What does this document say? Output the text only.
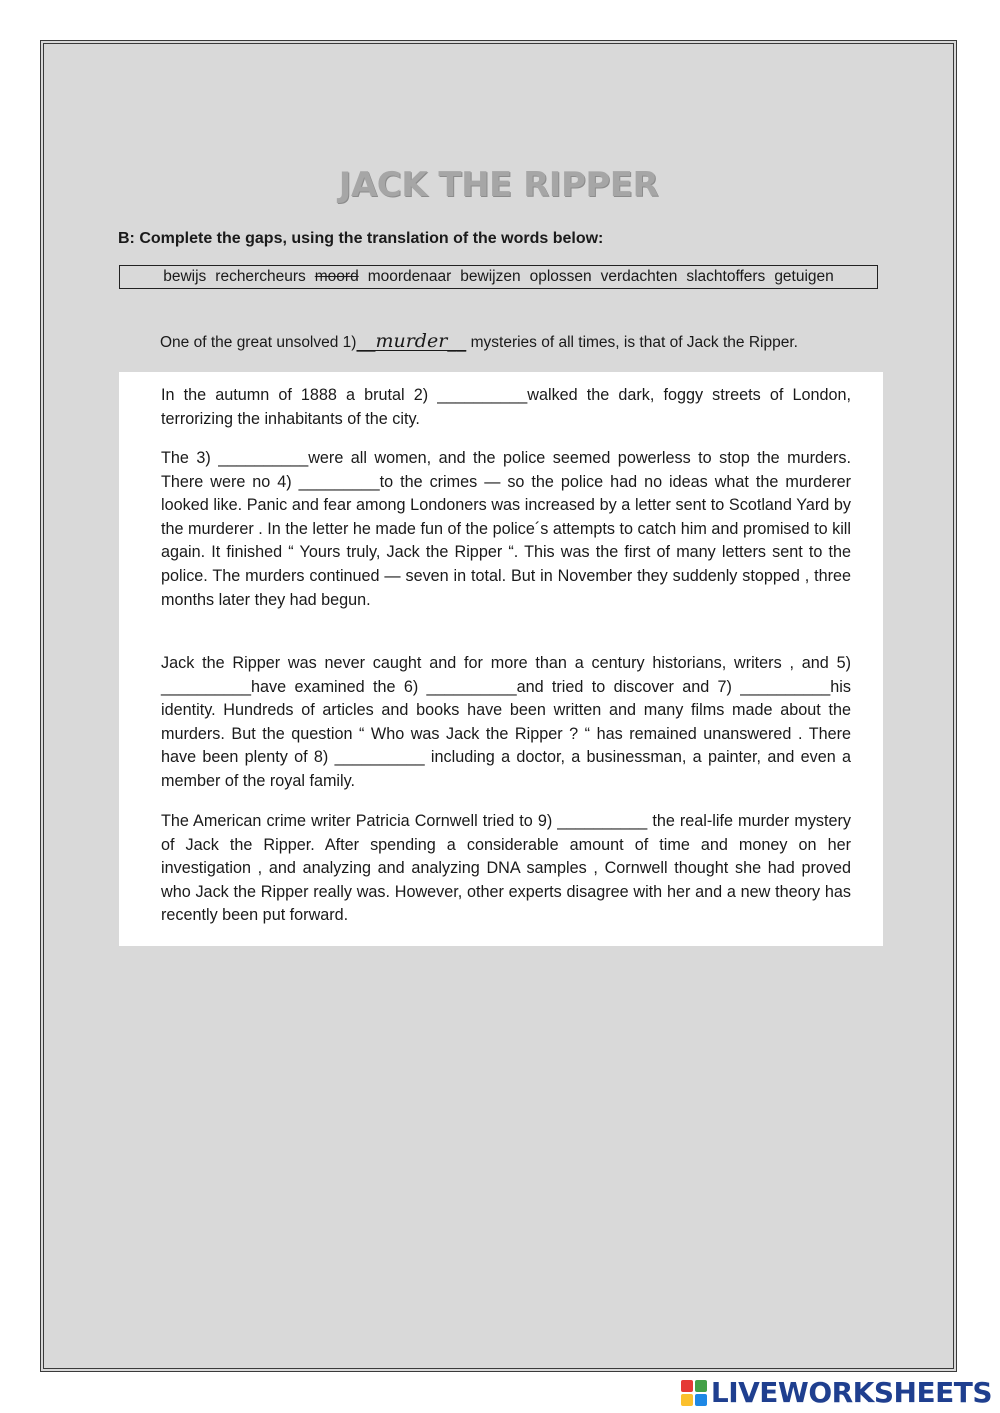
JACK THE RIPPER
B: Complete the gaps, using the translation of the words below:
bewijs rechercheurs moord moordenaar bewijzen oplossen verdachten slachtoffers getuigen
One of the great unsolved 1)__murder__ mysteries of all times, is that of Jack the Ripper.

In the autumn of 1888 a brutal 2) __________walked the dark, foggy streets of London, terrorizing the inhabitants of the city.

The 3) __________were all women, and the police seemed powerless to stop the murders. There were no 4) _________to the crimes — so the police had no ideas what the murderer looked like. Panic and fear among Londoners was increased by a letter sent to Scotland Yard by the murderer . In the letter he made fun of the police´s attempts to catch him and promised to kill again. It finished “ Yours truly, Jack the Ripper “. This was the first of many letters sent to the police. The murders continued — seven in total. But in November they suddenly stopped , three months later they had begun.

Jack the Ripper was never caught and for more than a century historians, writers , and 5) __________have examined the 6) __________and tried to discover and 7) __________his identity. Hundreds of articles and books have been written and many films made about the murders. But the question “ Who was Jack the Ripper ? “ has remained unanswered . There have been plenty of 8) __________ including a doctor, a businessman, a painter, and even a member of the royal family.

The American crime writer Patricia Cornwell tried to 9) __________ the real-life murder mystery of Jack the Ripper. After spending a considerable amount of time and money on her investigation , and analyzing and analyzing DNA samples , Cornwell thought she had proved who Jack the Ripper really was. However, other experts disagree with her and a new theory has recently been put forward.

LIVEWORKSHEETS
